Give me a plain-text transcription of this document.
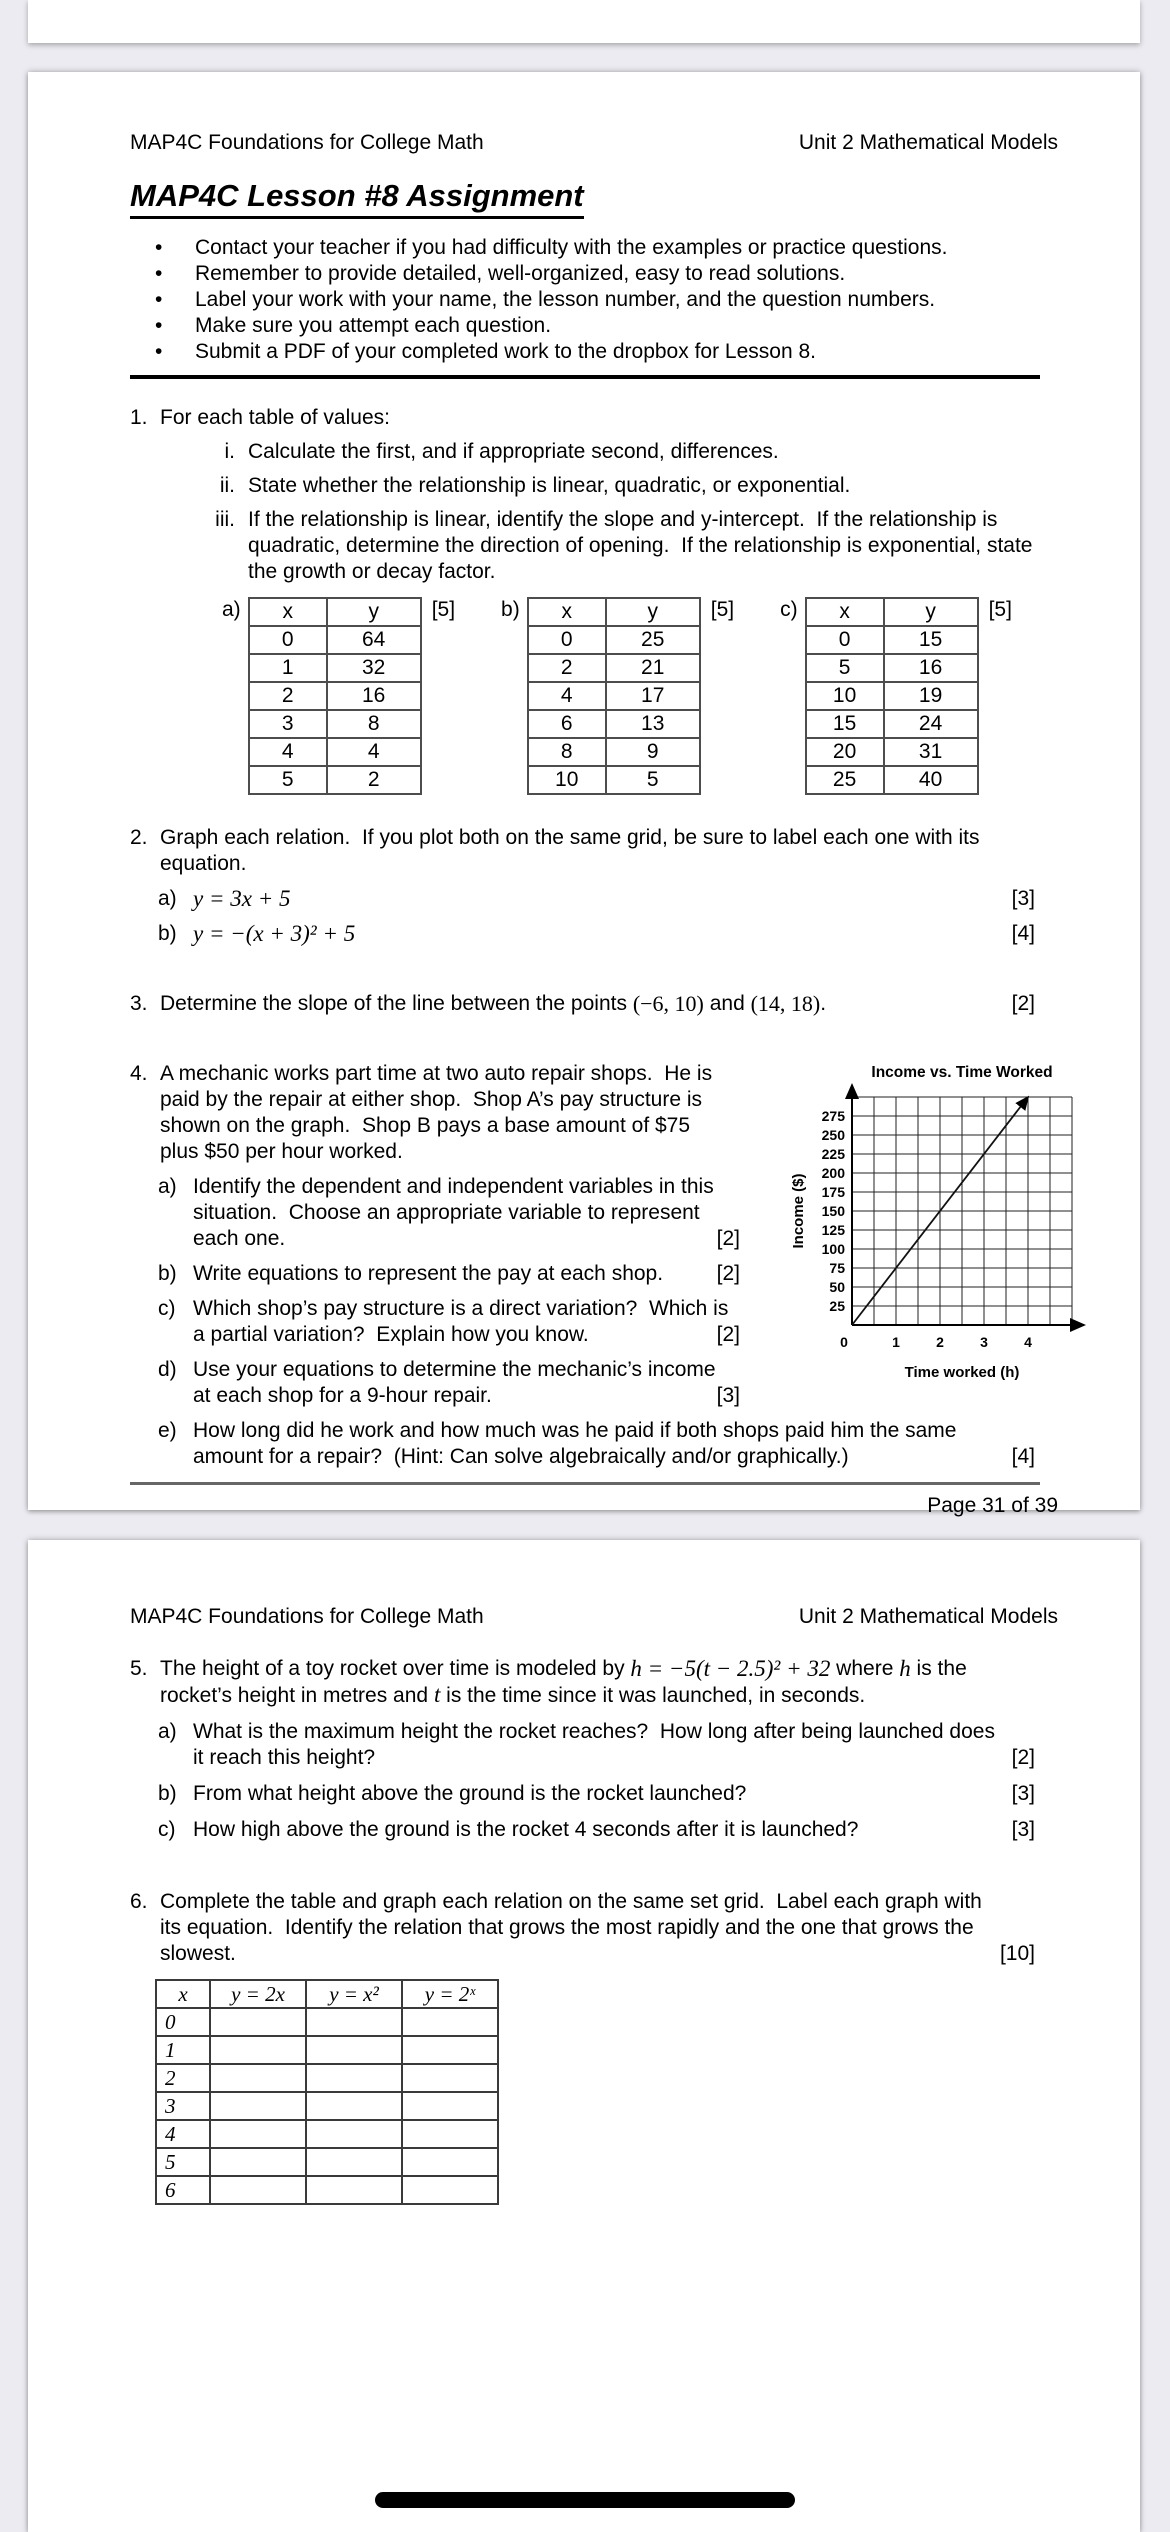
MAP4C Foundations for College Math	Unit 2 Mathematical Models
MAP4C Lesson #8 Assignment
•	Contact your teacher if you had difficulty with the examples or practice questions.
•	Remember to provide detailed, well-organized, easy to read solutions.
•	Label your work with your name, the lesson number, and the question numbers.
•	Make sure you attempt each question.
•	Submit a PDF of your completed work to the dropbox for Lesson 8.
1. For each table of values:
i. Calculate the first, and if appropriate second, differences.
ii. State whether the relationship is linear, quadratic, or exponential.
iii. If the relationship is linear, identify the slope and y-intercept.  If the relationship is
quadratic, determine the direction of opening.  If the relationship is exponential, state
the growth or decay factor.
a) x	y
0	64
1	32
2	16
3	8
4	4
5	2
[5] b) x	y
0	25
2	21
4	17
6	13
8	9
10	5
[5] c) x	y
0	15
5	16
10	19
15	24
20	31
25	40
[5]
2. Graph each relation.  If you plot both on the same grid, be sure to label each one with its
equation.
a) y = 3x + 5	[3]
b) y = −(x + 3)² + 5	[4]
3. Determine the slope of the line between the points (−6, 10) and (14, 18) .	[2]
4. A mechanic works part time at two auto repair shops.  He is
paid by the repair at either shop.  Shop A’s pay structure is
shown on the graph.  Shop B pays a base amount of $75
plus $50 per hour worked.
a) Identify the dependent and independent variables in this
situation.  Choose an appropriate variable to represent
each one.	[2]
b) Write equations to represent the pay at each shop.	[2]
c) Which shop’s pay structure is a direct variation?  Which is
a partial variation?  Explain how you know.	[2]
d) Use your equations to determine the mechanic’s income
at each shop for a 9-hour repair.	[3]
Income vs. Time Worked
25
50
75
100
125
150
175
200
225
250
275
0	1	2	3	4
Time worked (h)
Income ($)
e) How long did he work and how much was he paid if both shops paid him the same
amount for a repair?  (Hint: Can solve algebraically and/or graphically.)	[4]
Page 31 of 39
MAP4C Foundations for College Math	Unit 2 Mathematical Models
5. The height of a toy rocket over time is modeled by h = −5(t − 2.5)² + 32 where h is the
rocket’s height in metres and t is the time since it was launched, in seconds.
a) What is the maximum height the rocket reaches?  How long after being launched does
it reach this height?	[2]
b) From what height above the ground is the rocket launched?	[3]
c) How high above the ground is the rocket 4 seconds after it is launched?	[3]
6. Complete the table and graph each relation on the same set grid.  Label each graph with
its equation.  Identify the relation that grows the most rapidly and the one that grows the
slowest.	[10]
x	y = 2x	y = x²	y = 2ˣ
0			
1			
2			
3			
4			
5			
6			
